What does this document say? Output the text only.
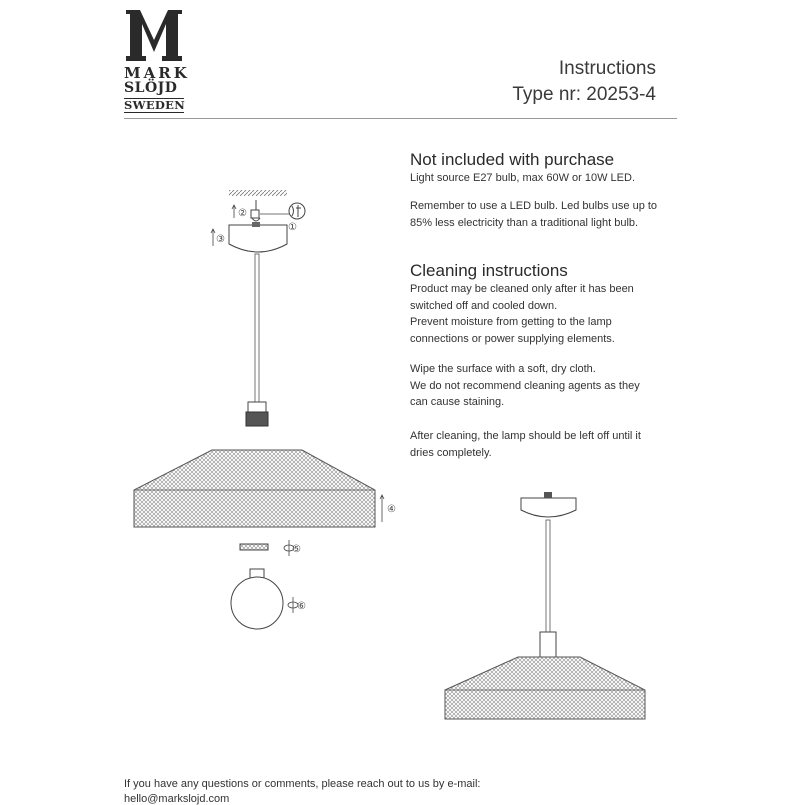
MARK
SLÖJD
SWEDEN
Instructions
Type nr: 20253-4
Not included with purchase

Light source E27 bulb, max 60W or 10W LED.

Remember to use a LED bulb. Led bulbs use up to

85% less electricity than a traditional light bulb.

Cleaning instructions

Product may be cleaned only after it has been

switched off and cooled down.

Prevent moisture from getting to the lamp

connections or power supplying elements.

Wipe the surface with a soft, dry cloth.

We do not recommend cleaning agents as they

can cause staining.

After cleaning, the lamp should be left off until it

dries completely.

②
①
③
④
⑤
⑥
If you have any questions or comments, please reach out to us by e-mail:
hello@markslojd.com
